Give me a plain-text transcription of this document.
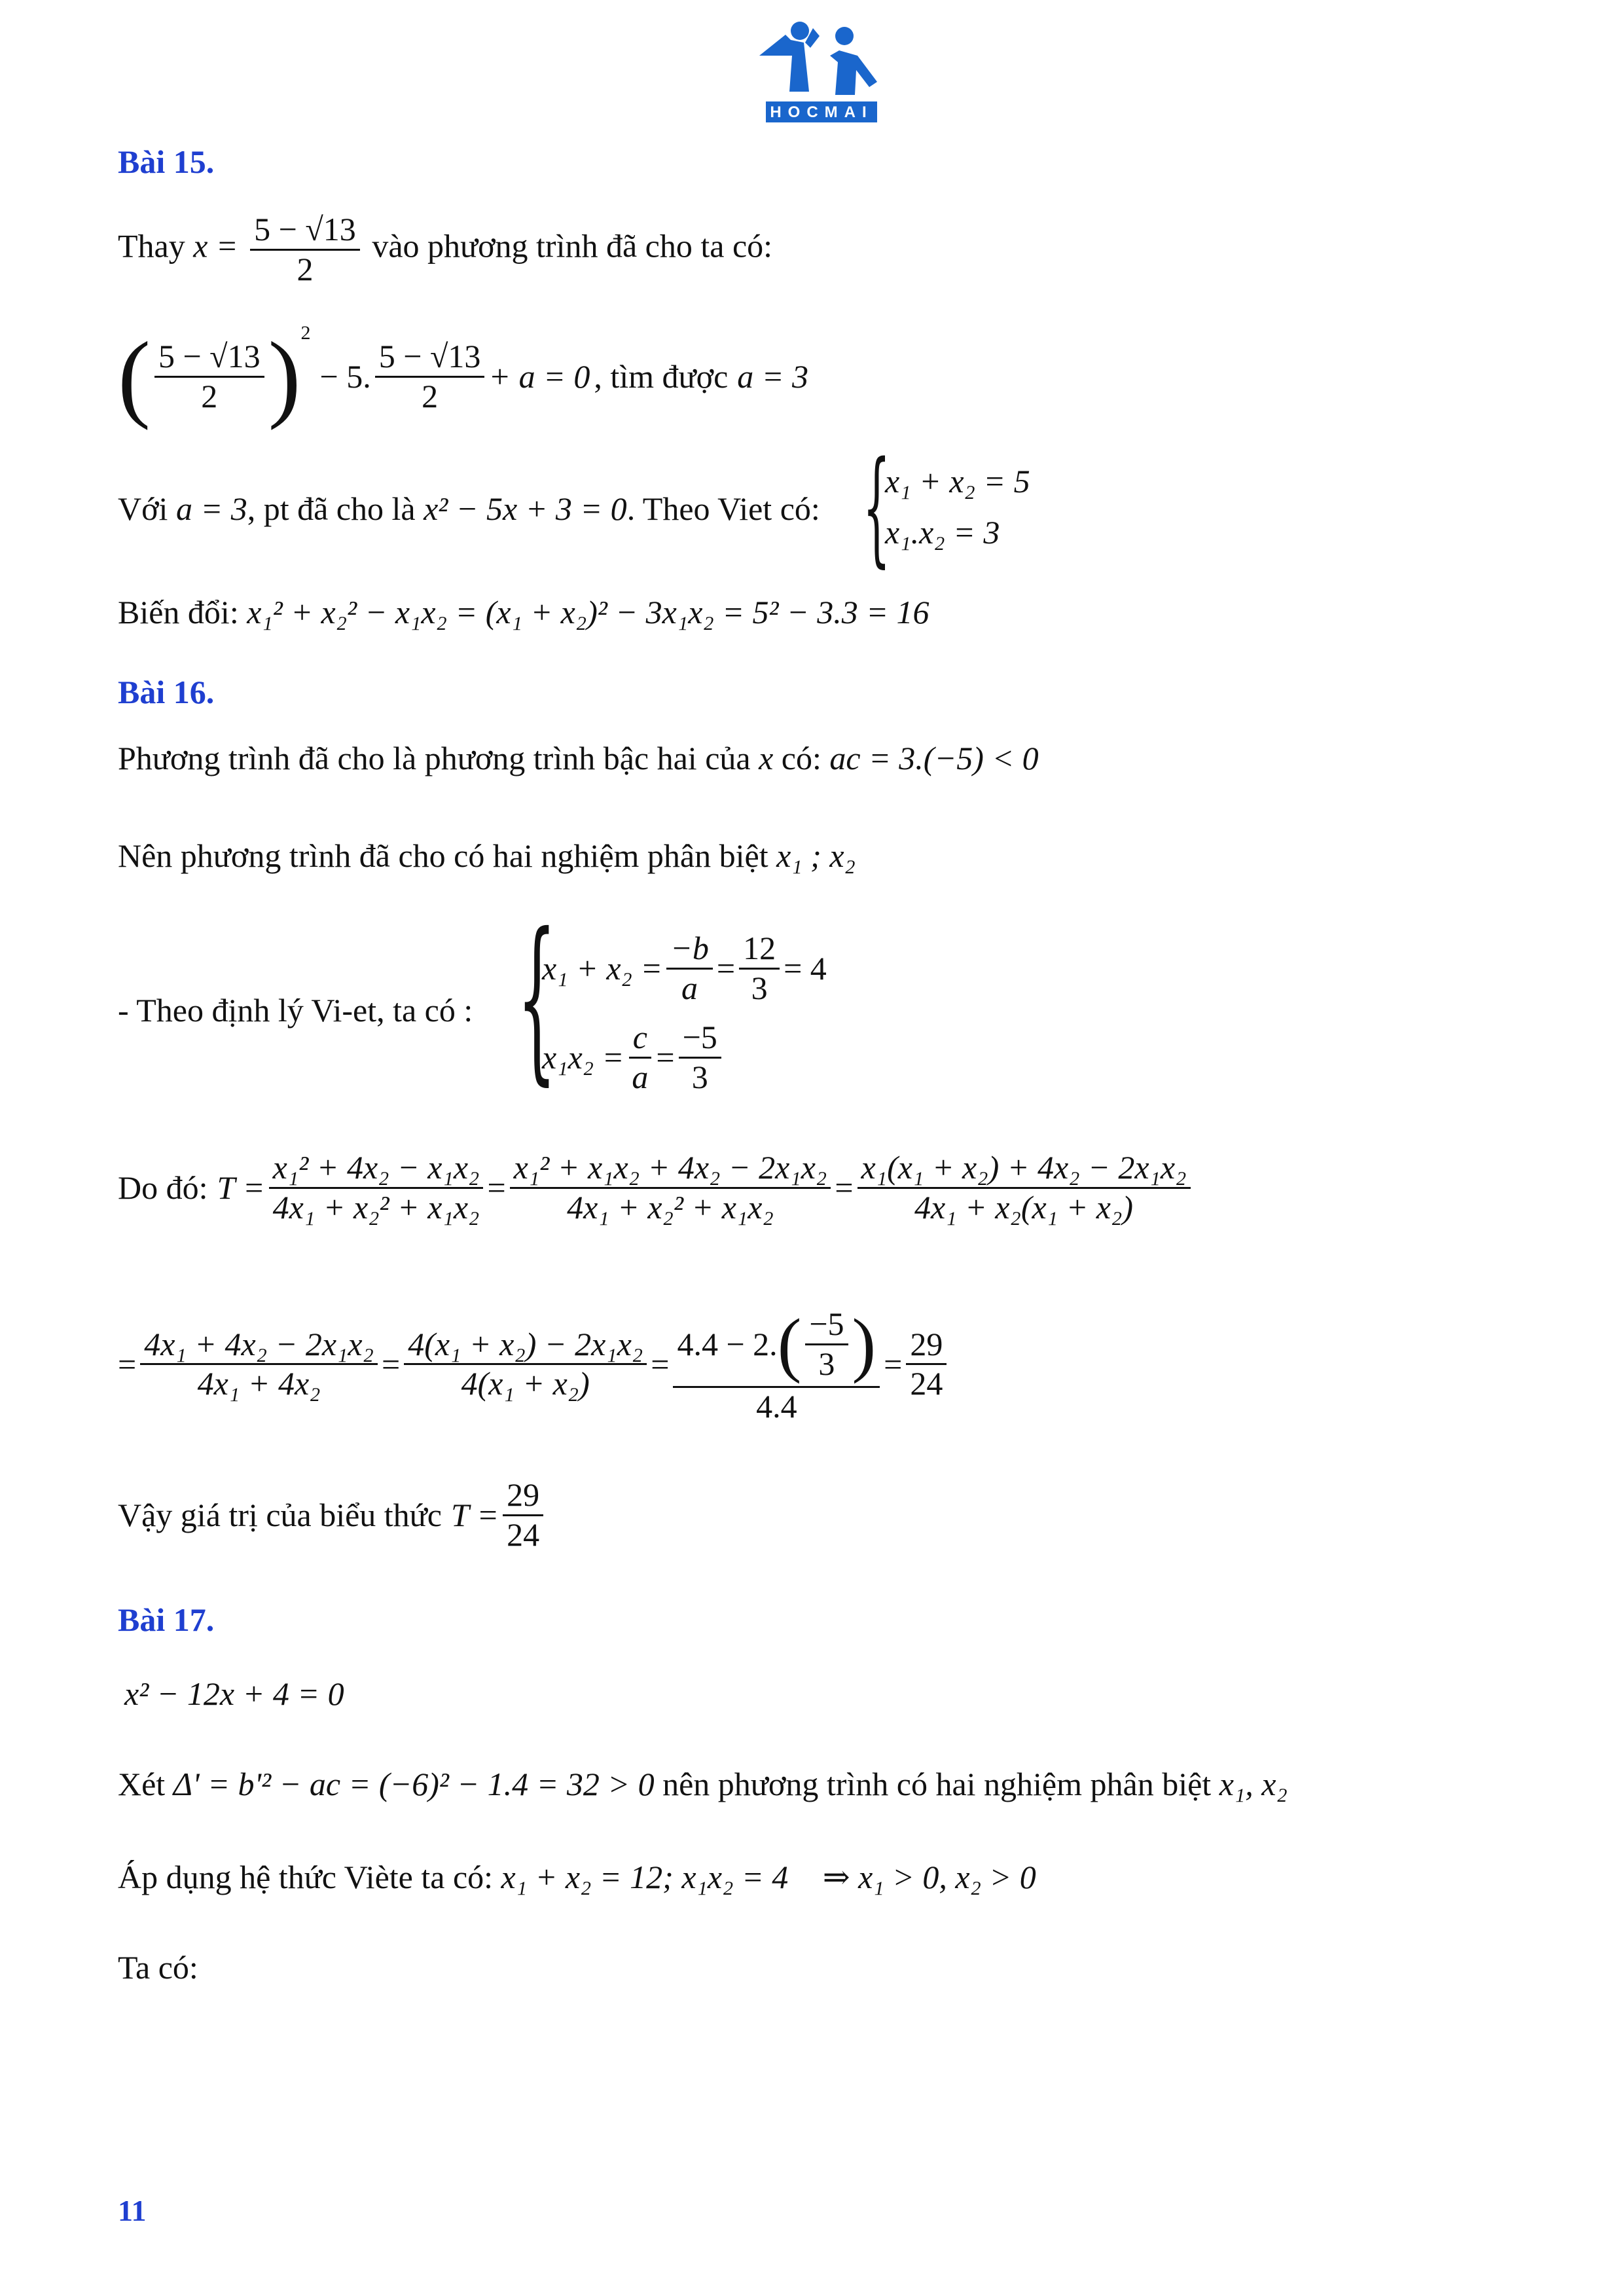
HOCMAI
Bài 15.
Thay $x = \frac{5 - √13}{2}$ vào phương trình đã cho ta có:
( $\frac{5 - √13}{2} )^2$
− 5. $\frac{5 - √13}{2} + a = 0$ , tìm được a = 3
Với a = 3, pt đã cho là x² − 5x + 3 = 0. Theo Viet có: {
x₁ + x₂ = 5
x₁.x₂ = 3
Biến đổi: x₁² + x₂² − x₁x₂ = (x₁ + x₂)² − 3x₁x₂ = 5² − 3.3 = 16
Bài 16.
Phương trình đã cho là phương trình bậc hai của x có: ac = 3.(−5) < 0
Nên phương trình đã cho có hai nghiệm phân biệt x₁ ; x₂
- Theo định lý Vi-et, ta có : {
$x_1 + x_2 = \frac{-b}{a} = \frac{12}{3} = 4$
$x_1x_2 = \frac{c}{a} = \frac{-5}{3}$
Do đó: $T = \frac{\text{x₁² + 4x₂ − x₁x₂}}{\text{4x₁ + x₂² + x₁x₂}} = \frac{\text{x₁² + x₁x₂ + 4x₂ − 2x₁x₂}}{\text{4x₁ + x₂² + x₁x₂}} = \frac{\text{x₁(x₁ + x₂) + 4x₂ − 2x₁x₂}}{\text{4x₁ + x₂(x₁ + x₂)}}$
= $\frac{\text{4x₁ + 4x₂ − 2x₁x₂}}{\text{4x₁ + 4x₂}} = \frac{\text{4(x₁ + x₂) − 2x₁x₂}}{\text{4(x₁ + x₂)}} = \frac{4.4 - 2. ( \frac{-5}{3} )}{4.4} = \frac{29}{24}$
Vậy giá trị của biểu thức $T = \frac{29}{24}$
Bài 17.
x² − 12x + 4 = 0
Xét Δ' = b'² − ac = (−6)² − 1.4 = 32 > 0 nên phương trình có hai nghiệm phân biệt x₁, x₂
Áp dụng hệ thức Viète ta có: x₁ + x₂ = 12; x₁x₂ = 4 ⇒ x₁ > 0, x₂ > 0
Ta có:
11
